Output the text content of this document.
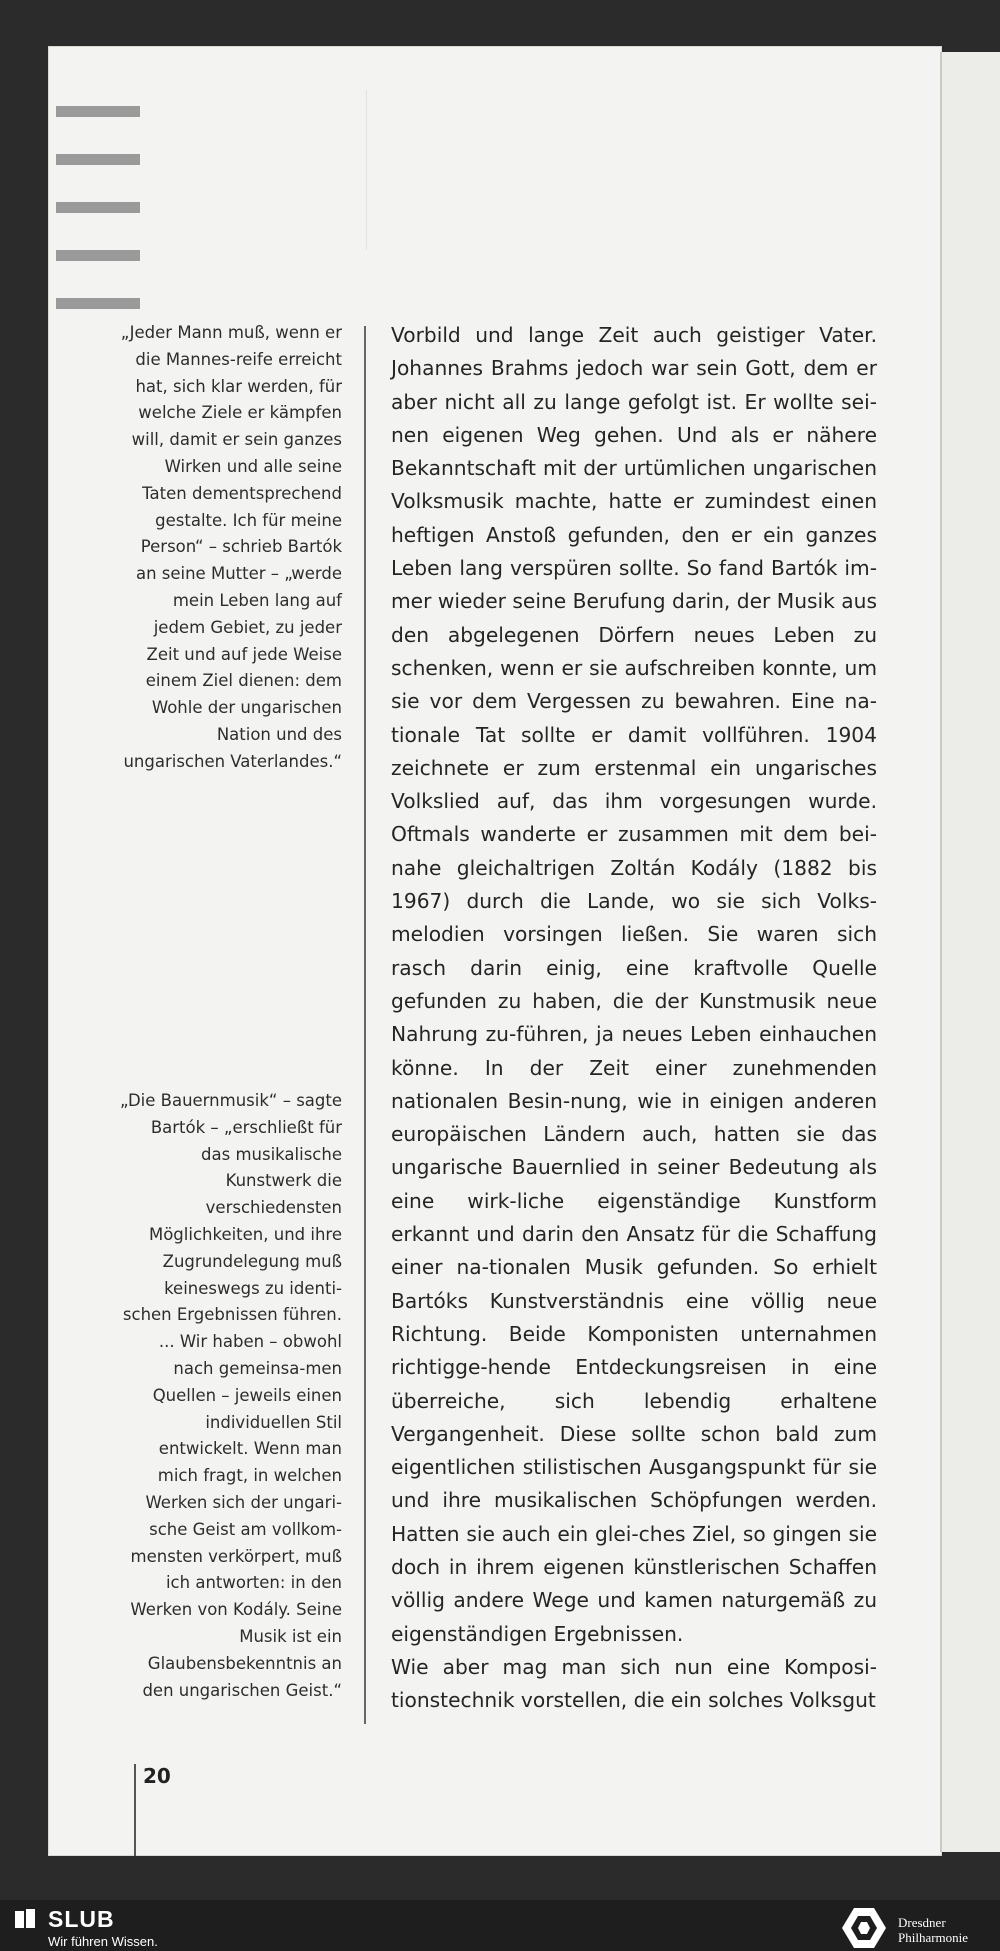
„Jeder Mann muß, wenn er die Mannes-reife erreicht hat, sich klar werden, für welche Ziele er kämpfen will, damit er sein ganzes Wirken und alle seine Taten dementsprechend gestalte. Ich für meine Person“ – schrieb Bartók an seine Mutter – „werde mein Leben lang auf jedem Gebiet, zu jeder Zeit und auf jede Weise einem Ziel dienen: dem Wohle der ungarischen Nation und des ungarischen Vaterlandes.“
„Die Bauernmusik“ – sagte Bartók – „erschließt für das musikalische Kunstwerk die verschiedensten Möglichkeiten, und ihre Zugrundelegung muß keineswegs zu identi-schen Ergebnissen führen. ... Wir haben – obwohl nach gemeinsa-men Quellen – jeweils einen individuellen Stil entwickelt. Wenn man mich fragt, in welchen Werken sich der ungari-sche Geist am vollkom-mensten verkörpert, muß ich antworten: in den Werken von Kodály. Seine Musik ist ein Glaubensbekenntnis an den ungarischen Geist.“

Vorbild und lange Zeit auch geistiger Vater. Johannes Brahms jedoch war sein Gott, dem er aber nicht all zu lange gefolgt ist. Er wollte sei-nen eigenen Weg gehen. Und als er nähere Bekanntschaft mit der urtümlichen ungarischen Volksmusik machte, hatte er zumindest einen heftigen Anstoß gefunden, den er ein ganzes Leben lang verspüren sollte. So fand Bartók im-mer wieder seine Berufung darin, der Musik aus den abgelegenen Dörfern neues Leben zu schenken, wenn er sie aufschreiben konnte, um sie vor dem Vergessen zu bewahren. Eine na-tionale Tat sollte er damit vollführen. 1904 zeichnete er zum erstenmal ein ungarisches Volkslied auf, das ihm vorgesungen wurde. Oftmals wanderte er zusammen mit dem bei-nahe gleichaltrigen Zoltán Kodály (1882 bis 1967) durch die Lande, wo sie sich Volks-melodien vorsingen ließen. Sie waren sich rasch darin einig, eine kraftvolle Quelle gefunden zu haben, die der Kunstmusik neue Nahrung zu-führen, ja neues Leben einhauchen könne. In der Zeit einer zunehmenden nationalen Besin-nung, wie in einigen anderen europäischen Ländern auch, hatten sie das ungarische Bauernlied in seiner Bedeutung als eine wirk-liche eigenständige Kunstform erkannt und darin den Ansatz für die Schaffung einer na-tionalen Musik gefunden. So erhielt Bartóks Kunstverständnis eine völlig neue Richtung. Beide Komponisten unternahmen richtigge-hende Entdeckungsreisen in eine überreiche, sich lebendig erhaltene Vergangenheit. Diese sollte schon bald zum eigentlichen stilistischen Ausgangspunkt für sie und ihre musikalischen Schöpfungen werden. Hatten sie auch ein glei-ches Ziel, so gingen sie doch in ihrem eigenen künstlerischen Schaffen völlig andere Wege und kamen naturgemäß zu eigenständigen Ergebnissen.

Wie aber mag man sich nun eine Komposi-tionstechnik vorstellen, die ein solches Volksgut

20
SLUB
Wir führen Wissen.
Dresdner
Philharmonie
